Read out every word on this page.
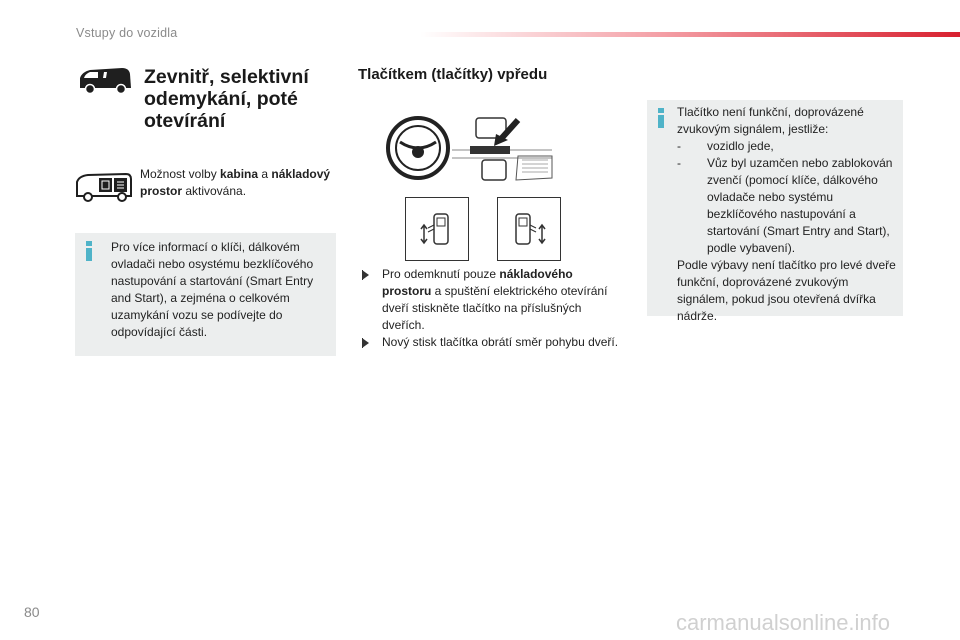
Vstupy do vozidla
Zevnitř, selektivní odemykání, poté otevírání
Možnost volby kabina a nákladový prostor aktivována.
Pro více informací o klíči, dálkovém ovladači nebo osystému bezklíčového nastupování a startování (Smart Entry and Start), a zejména o celkovém uzamykání vozu se podívejte do odpovídající části.
Tlačítkem (tlačítky) vpředu
Pro odemknutí pouze nákladového prostoru a spuštění elektrického otevírání dveří stiskněte tlačítko na příslušných dveřích.
Nový stisk tlačítka obrátí směr pohybu dveří.
Tlačítko není funkční, doprovázené zvukovým signálem, jestliže:
- vozidlo jede,
- Vůz byl uzamčen nebo zablokován zvenčí (pomocí klíče, dálkového ovladače nebo systému bezklíčového nastupování a startování (Smart Entry and Start), podle vybavení).
Podle výbavy není tlačítko pro levé dveře funkční, doprovázené zvukovým signálem, pokud jsou otevřená dvířka nádrže.
80	carmanualsonline.info
